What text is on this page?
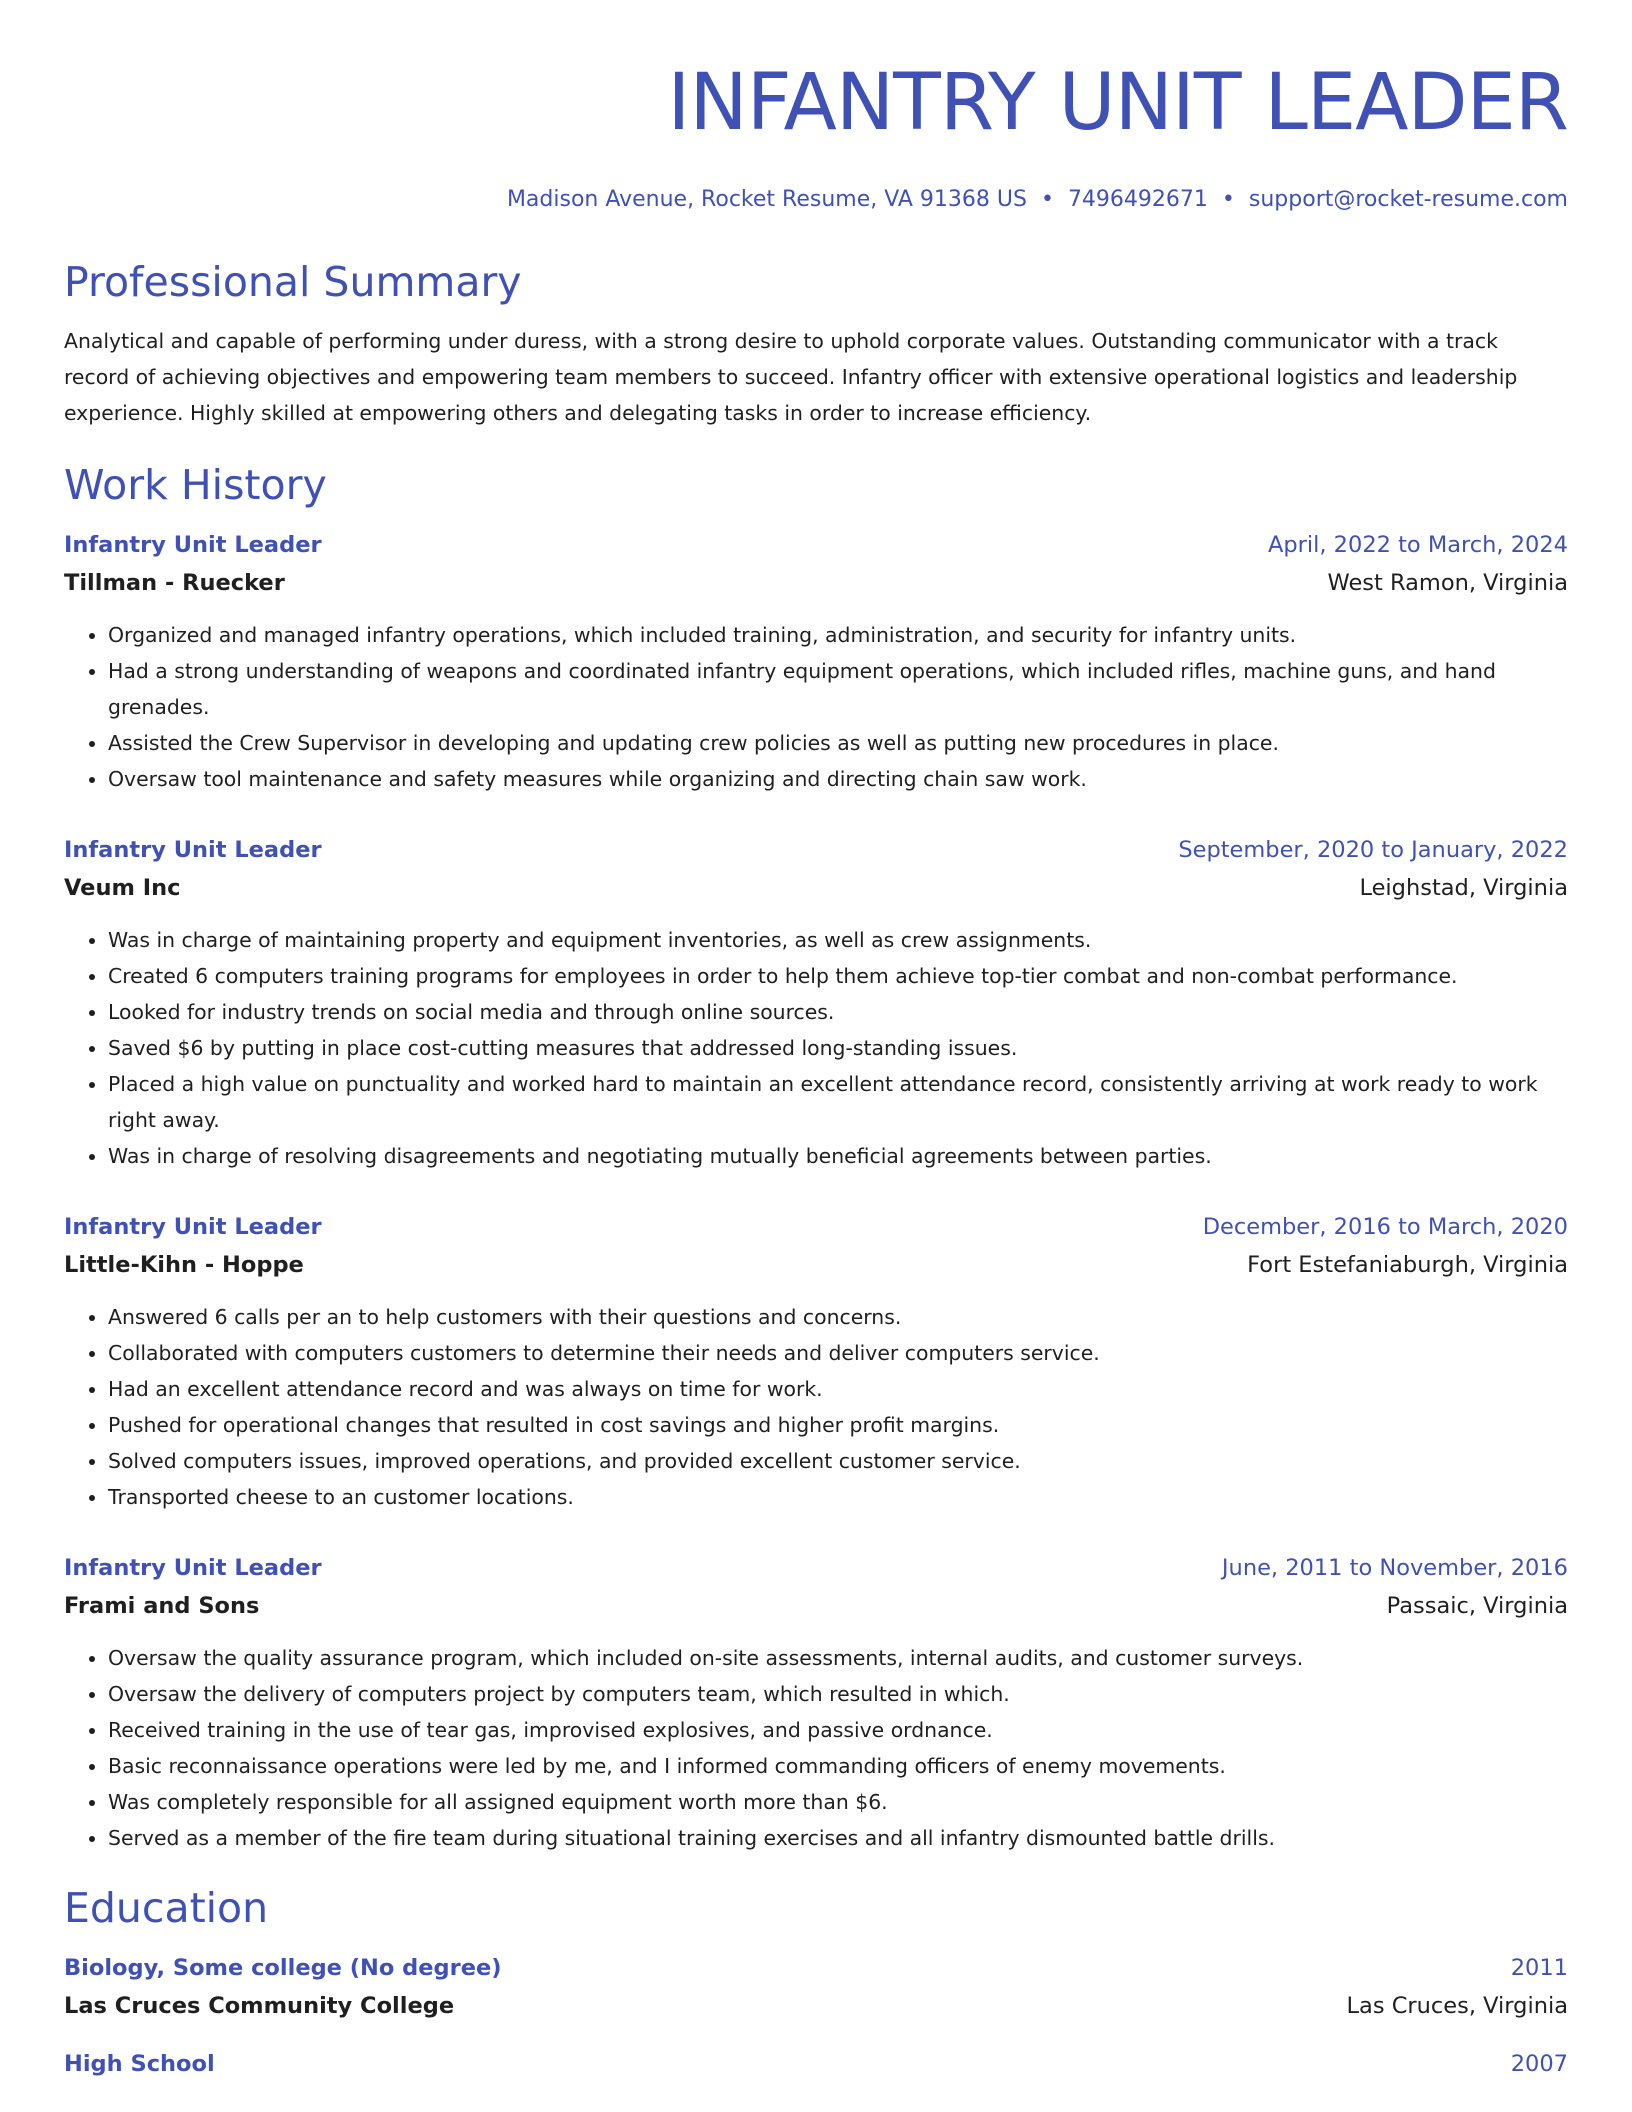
INFANTRY UNIT LEADER
Madison Avenue, Rocket Resume, VA 91368 US • 7496492671 • support@rocket-resume.com
Professional Summary
Analytical and capable of performing under duress, with a strong desire to uphold corporate values. Outstanding communicator with a track record of achieving objectives and empowering team members to succeed. Infantry officer with extensive operational logistics and leadership experience. Highly skilled at empowering others and delegating tasks in order to increase efficiency.
Work History
Infantry Unit Leader	April, 2022 to March, 2024
Tillman - Ruecker	West Ramon, Virginia
• Organized and managed infantry operations, which included training, administration, and security for infantry units.
• Had a strong understanding of weapons and coordinated infantry equipment operations, which included rifles, machine guns, and hand grenades.
• Assisted the Crew Supervisor in developing and updating crew policies as well as putting new procedures in place.
• Oversaw tool maintenance and safety measures while organizing and directing chain saw work.
Infantry Unit Leader	September, 2020 to January, 2022
Veum Inc	Leighstad, Virginia
• Was in charge of maintaining property and equipment inventories, as well as crew assignments.
• Created 6 computers training programs for employees in order to help them achieve top-tier combat and non-combat performance.
• Looked for industry trends on social media and through online sources.
• Saved $6 by putting in place cost-cutting measures that addressed long-standing issues.
• Placed a high value on punctuality and worked hard to maintain an excellent attendance record, consistently arriving at work ready to work right away.
• Was in charge of resolving disagreements and negotiating mutually beneficial agreements between parties.
Infantry Unit Leader	December, 2016 to March, 2020
Little-Kihn - Hoppe	Fort Estefaniaburgh, Virginia
• Answered 6 calls per an to help customers with their questions and concerns.
• Collaborated with computers customers to determine their needs and deliver computers service.
• Had an excellent attendance record and was always on time for work.
• Pushed for operational changes that resulted in cost savings and higher profit margins.
• Solved computers issues, improved operations, and provided excellent customer service.
• Transported cheese to an customer locations.
Infantry Unit Leader	June, 2011 to November, 2016
Frami and Sons	Passaic, Virginia
• Oversaw the quality assurance program, which included on-site assessments, internal audits, and customer surveys.
• Oversaw the delivery of computers project by computers team, which resulted in which.
• Received training in the use of tear gas, improvised explosives, and passive ordnance.
• Basic reconnaissance operations were led by me, and I informed commanding officers of enemy movements.
• Was completely responsible for all assigned equipment worth more than $6.
• Served as a member of the fire team during situational training exercises and all infantry dismounted battle drills.
Education
Biology, Some college (No degree)	2011
Las Cruces Community College	Las Cruces, Virginia
High School	2007
